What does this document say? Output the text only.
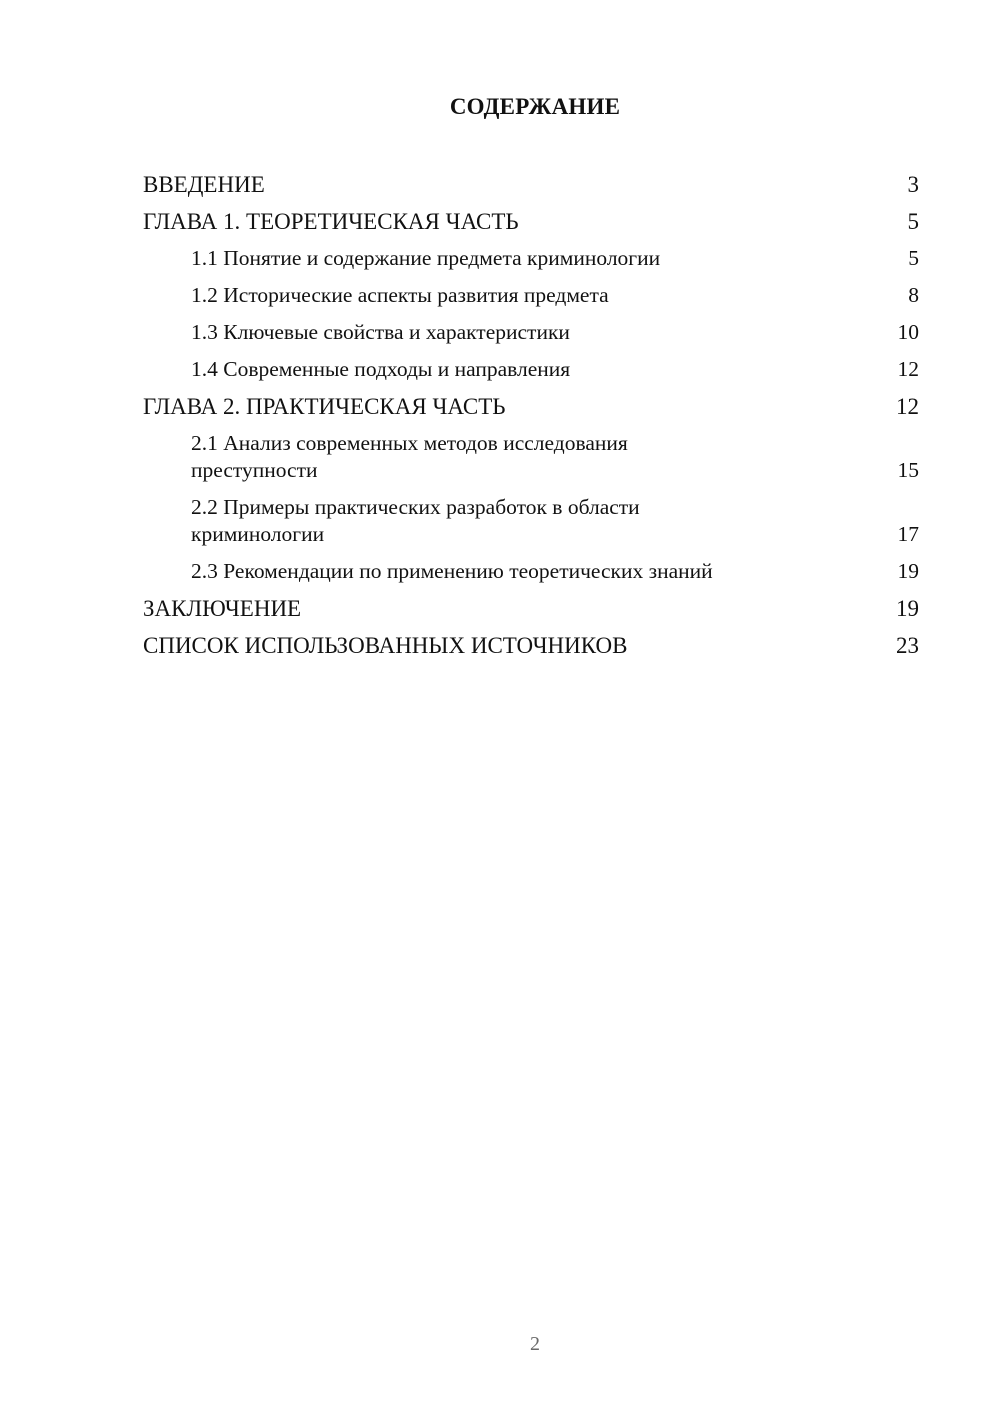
СОДЕРЖАНИЕ
ВВЕДЕНИЕ	3
ГЛАВА 1. ТЕОРЕТИЧЕСКАЯ ЧАСТЬ	5
1.1 Понятие и содержание предмета криминологии	5
1.2 Исторические аспекты развития предмета	8
1.3 Ключевые свойства и характеристики	10
1.4 Современные подходы и направления	12
ГЛАВА 2. ПРАКТИЧЕСКАЯ ЧАСТЬ	12
2.1 Анализ современных методов исследования преступности	15
2.2 Примеры практических разработок в области криминологии	17
2.3 Рекомендации по применению теоретических знаний	19
ЗАКЛЮЧЕНИЕ	19
СПИСОК ИСПОЛЬЗОВАННЫХ ИСТОЧНИКОВ	23
2
